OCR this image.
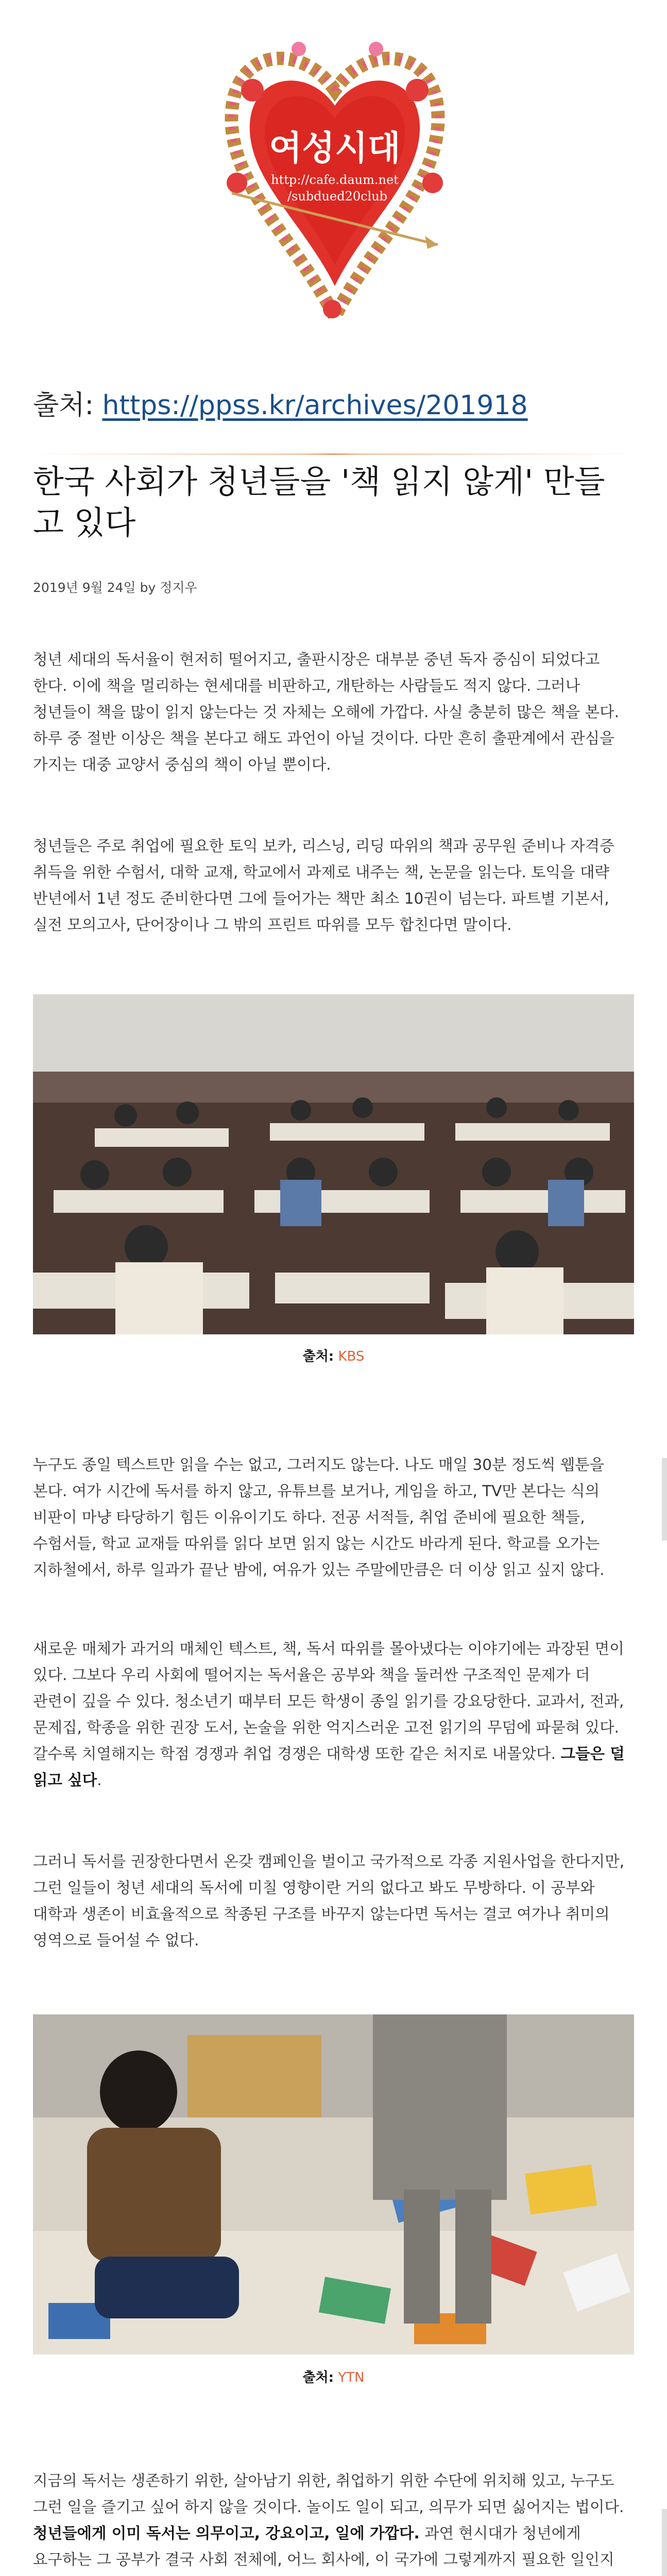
여성시대
http://cafe.daum.net
/subdued20club
출처: https://ppss.kr/archives/201918
한국 사회가 청년들을 '책 읽지 않게' 만들고 있다
2019년 9월 24일 by 정지우

청년 세대의 독서율이 현저히 떨어지고, 출판시장은 대부분 중년 독자 중심이 되었다고 한다. 이에 책을 멀리하는 현세대를 비판하고, 개탄하는 사람들도 적지 않다. 그러나 청년들이 책을 많이 읽지 않는다는 것 자체는 오해에 가깝다. 사실 충분히 많은 책을 본다. 하루 중 절반 이상은 책을 본다고 해도 과언이 아닐 것이다. 다만 흔히 출판계에서 관심을 가지는 대중 교양서 중심의 책이 아닐 뿐이다.

청년들은 주로 취업에 필요한 토익 보카, 리스닝, 리딩 따위의 책과 공무원 준비나 자격증 취득을 위한 수험서, 대학 교재, 학교에서 과제로 내주는 책, 논문을 읽는다. 토익을 대략 반년에서 1년 정도 준비한다면 그에 들어가는 책만 최소 10권이 넘는다. 파트별 기본서, 실전 모의고사, 단어장이나 그 밖의 프린트 따위를 모두 합친다면 말이다.

출처: KBS

누구도 종일 텍스트만 읽을 수는 없고, 그러지도 않는다. 나도 매일 30분 정도씩 웹툰을 본다. 여가 시간에 독서를 하지 않고, 유튜브를 보거나, 게임을 하고, TV만 본다는 식의 비판이 마냥 타당하기 힘든 이유이기도 하다. 전공 서적들, 취업 준비에 필요한 책들, 수험서들, 학교 교재들 따위를 읽다 보면 읽지 않는 시간도 바라게 된다. 학교를 오가는 지하철에서, 하루 일과가 끝난 밤에, 여유가 있는 주말에만큼은 더 이상 읽고 싶지 않다.

새로운 매체가 과거의 매체인 텍스트, 책, 독서 따위를 몰아냈다는 이야기에는 과장된 면이 있다. 그보다 우리 사회에 떨어지는 독서율은 공부와 책을 둘러싼 구조적인 문제가 더 관련이 깊을 수 있다. 청소년기 때부터 모든 학생이 종일 읽기를 강요당한다. 교과서, 전과, 문제집, 학종을 위한 권장 도서, 논술을 위한 억지스러운 고전 읽기의 무덤에 파묻혀 있다. 갈수록 치열해지는 학점 경쟁과 취업 경쟁은 대학생 또한 같은 처지로 내몰았다. 그들은 덜 읽고 싶다.

그러니 독서를 권장한다면서 온갖 캠페인을 벌이고 국가적으로 각종 지원사업을 한다지만, 그런 일들이 청년 세대의 독서에 미칠 영향이란 거의 없다고 봐도 무방하다. 이 공부와 대학과 생존이 비효율적으로 착종된 구조를 바꾸지 않는다면 독서는 결코 여가나 취미의 영역으로 들어설 수 없다.

출처: YTN

지금의 독서는 생존하기 위한, 살아남기 위한, 취업하기 위한 수단에 위치해 있고, 누구도 그런 일을 즐기고 싶어 하지 않을 것이다. 놀이도 일이 되고, 의무가 되면 싫어지는 법이다. 청년들에게 이미 독서는 의무이고, 강요이고, 일에 가깝다. 과연 현시대가 청년에게 요구하는 그 공부가 결국 사회 전체에, 어느 회사에, 이 국가에 그렇게까지 필요한 일인지
